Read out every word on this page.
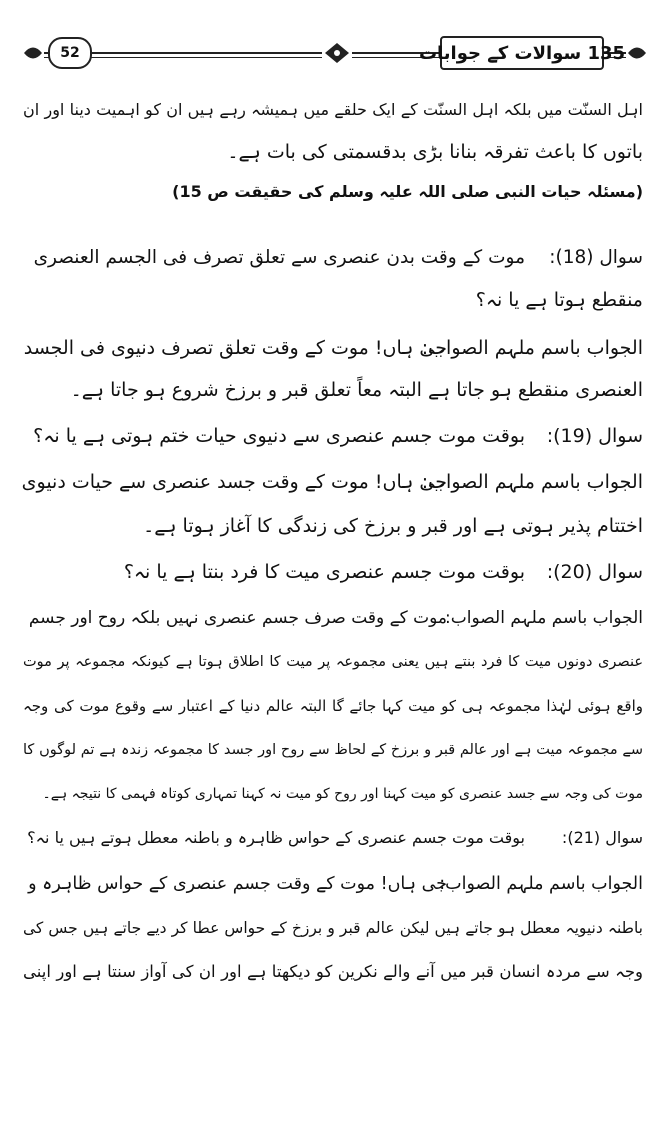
52	135 سوالات کے جوابات
اہل السنّت میں بلکہ اہل السنّت کے ایک حلقے میں ہمیشہ رہے ہیں ان کو اہمیت دینا اور ان
باتوں کا باعث تفرقہ بنانا بڑی بدقسمتی کی بات ہے۔
(مسئلہ حیات النبی صلی اللہ علیہ وسلم کی حقیقت ص 15)
سوال (18):موت کے وقت بدن عنصری سے تعلق تصرف فی الجسم العنصری
منقطع ہوتا ہے یا نہ؟
الجواب باسم ملہم الصواب:جی ہاں! موت کے وقت تعلق تصرف دنیوی فی الجسد
العنصری منقطع ہو جاتا ہے البتہ معاً تعلق قبر و برزخ شروع ہو جاتا ہے۔
سوال (19):بوقت موت جسم عنصری سے دنیوی حیات ختم ہوتی ہے یا نہ؟
الجواب باسم ملہم الصواب:جی ہاں! موت کے وقت جسد عنصری سے حیات دنیوی
اختتام پذیر ہوتی ہے اور قبر و برزخ کی زندگی کا آغاز ہوتا ہے۔
سوال (20):بوقت موت جسم عنصری میت کا فرد بنتا ہے یا نہ؟
الجواب باسم ملہم الصواب:موت کے وقت صرف جسم عنصری نہیں بلکہ روح اور جسم
عنصری دونوں میت کا فرد بنتے ہیں یعنی مجموعہ پر میت کا اطلاق ہوتا ہے کیونکہ مجموعہ پر موت
واقع ہوئی لہٰذا مجموعہ ہی کو میت کہا جائے گا البتہ عالم دنیا کے اعتبار سے وقوع موت کی وجہ
سے مجموعہ میت ہے اور عالم قبر و برزخ کے لحاظ سے روح اور جسد کا مجموعہ زندہ ہے تم لوگوں کا
موت کی وجہ سے جسد عنصری کو میت کہنا اور روح کو میت نہ کہنا تمہاری کوتاہ فہمی کا نتیجہ ہے۔
سوال (21):بوقت موت جسم عنصری کے حواس ظاہرہ و باطنہ معطل ہوتے ہیں یا نہ؟
الجواب باسم ملہم الصواب:جی ہاں! موت کے وقت جسم عنصری کے حواس ظاہرہ و
باطنہ دنیویہ معطل ہو جاتے ہیں لیکن عالم قبر و برزخ کے حواس عطا کر دیے جاتے ہیں جس کی
وجہ سے مردہ انسان قبر میں آنے والے نکرین کو دیکھتا ہے اور ان کی آواز سنتا ہے اور اپنی
